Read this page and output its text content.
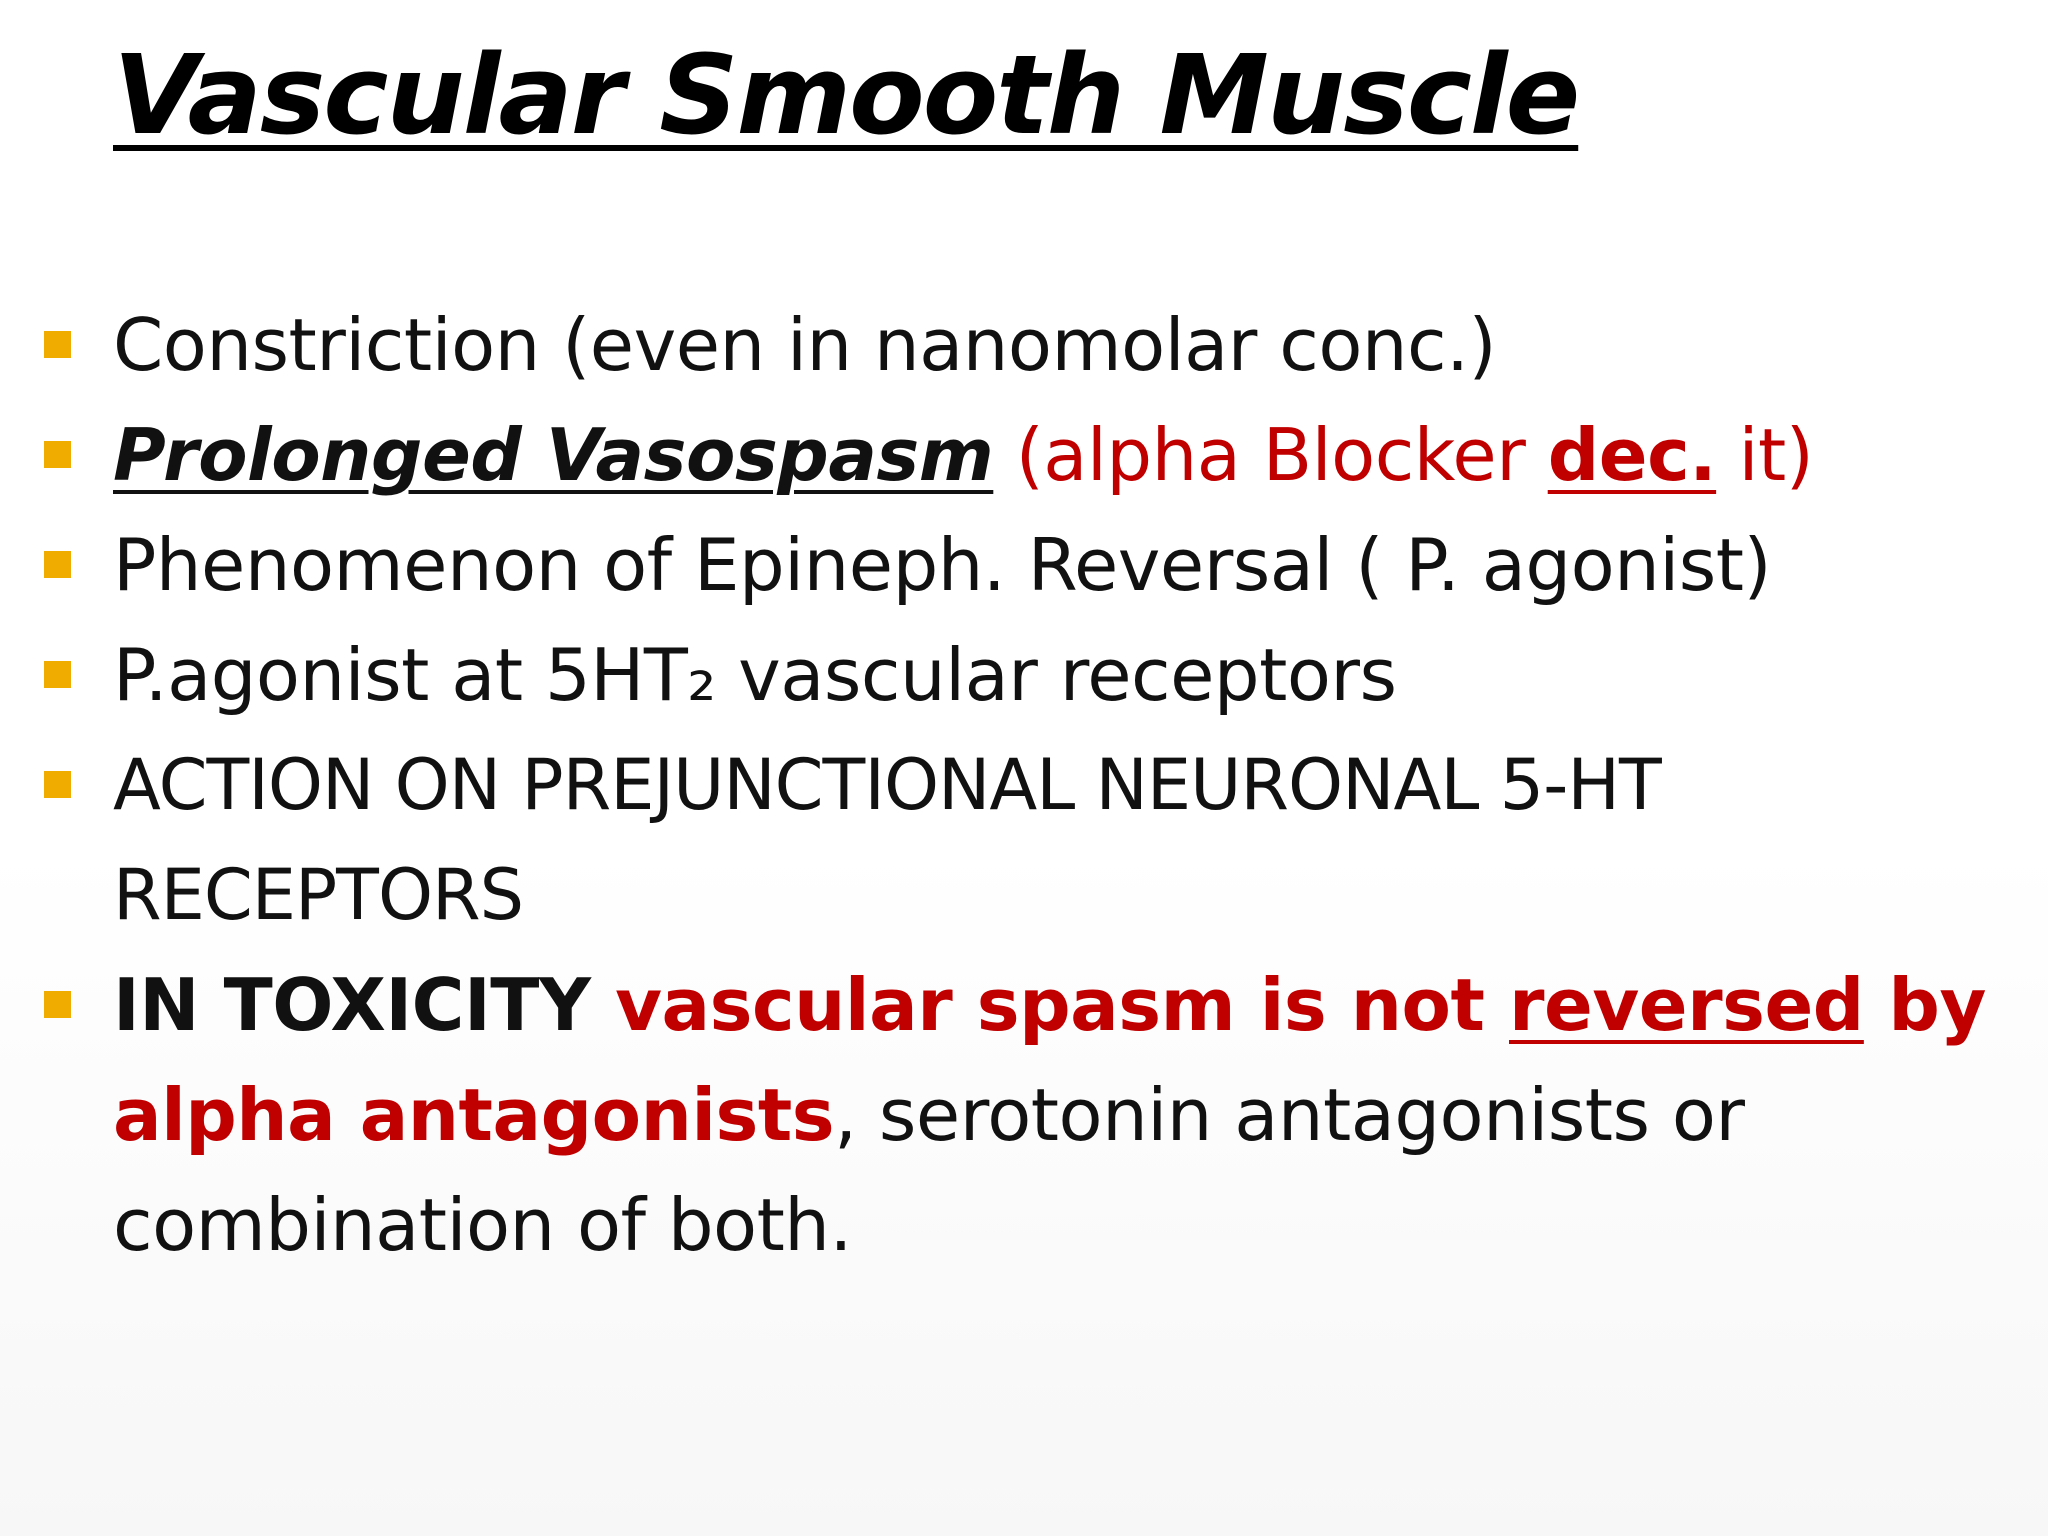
Vascular Smooth Muscle
Constriction (even in nanomolar conc.)
Prolonged Vasospasm (alpha Blocker dec. it)
Phenomenon of Epineph. Reversal ( P. agonist)
P.agonist at 5HT₂ vascular receptors
ACTION ON PREJUNCTIONAL NEURONAL 5-HT RECEPTORS
IN TOXICITY vascular spasm is not reversed by alpha antagonists, serotonin antagonists or combination of both.
